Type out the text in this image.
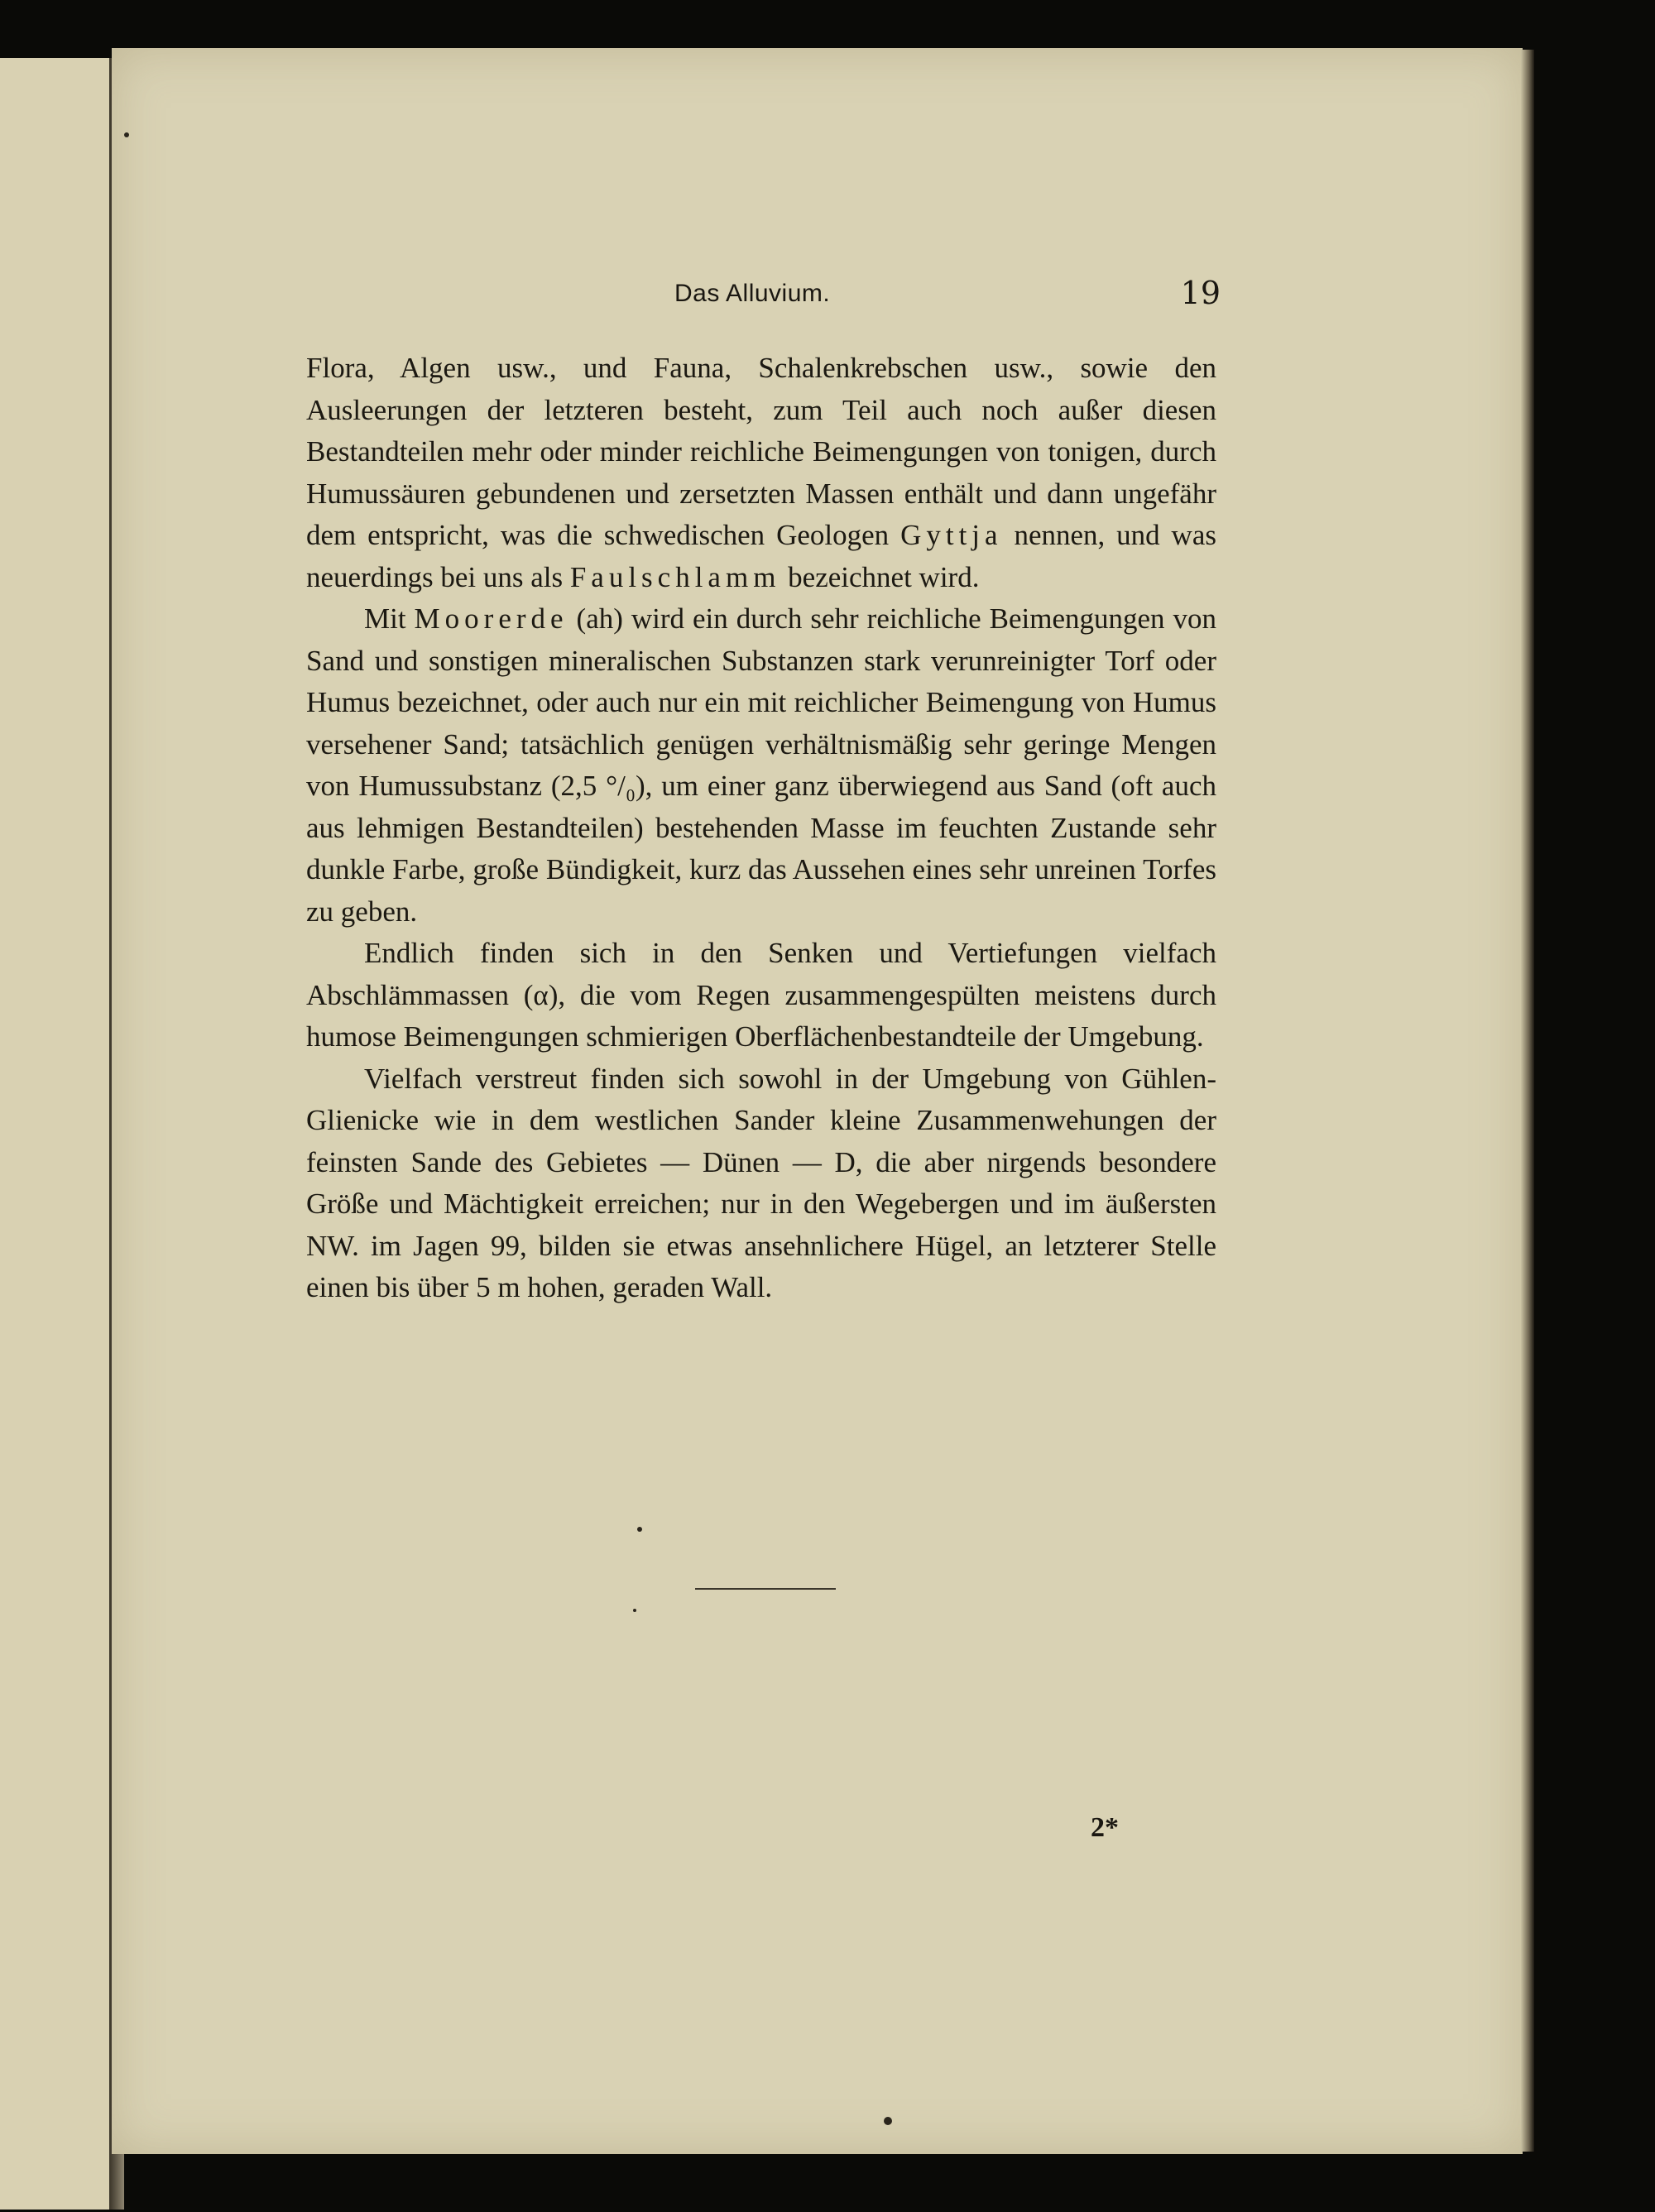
Das Alluvium.	19

Flora, Algen usw., und Fauna, Schalenkrebschen usw., sowie den Ausleerungen der letzteren besteht, zum Teil auch noch außer diesen Bestandteilen mehr oder minder reichliche Beimengungen von tonigen, durch Humussäuren gebundenen und zersetzten Massen enthält und dann ungefähr dem entspricht, was die schwedischen Geologen Gyttja nennen, und was neuerdings bei uns als Faulschlamm bezeichnet wird.

Mit Moorerde (ah) wird ein durch sehr reichliche Beimengungen von Sand und sonstigen mineralischen Substanzen stark verunreinigter Torf oder Humus bezeichnet, oder auch nur ein mit reichlicher Beimengung von Humus versehener Sand; tatsächlich genügen verhältnismäßig sehr geringe Mengen von Humussubstanz (2,5 °/₀), um einer ganz überwiegend aus Sand (oft auch aus lehmigen Bestandteilen) bestehenden Masse im feuchten Zustande sehr dunkle Farbe, große Bündigkeit, kurz das Aussehen eines sehr unreinen Torfes zu geben.

Endlich finden sich in den Senken und Vertiefungen vielfach Abschlämmassen (α), die vom Regen zusammengespülten meistens durch humose Beimengungen schmierigen Oberflächenbestandteile der Umgebung.

Vielfach verstreut finden sich sowohl in der Umgebung von Gühlen-Glienicke wie in dem westlichen Sander kleine Zusammenwehungen der feinsten Sande des Gebietes — Dünen — D, die aber nirgends besondere Größe und Mächtigkeit erreichen; nur in den Wegebergen und im äußersten NW. im Jagen 99, bilden sie etwas ansehnlichere Hügel, an letzterer Stelle einen bis über 5 m hohen, geraden Wall.

2*
